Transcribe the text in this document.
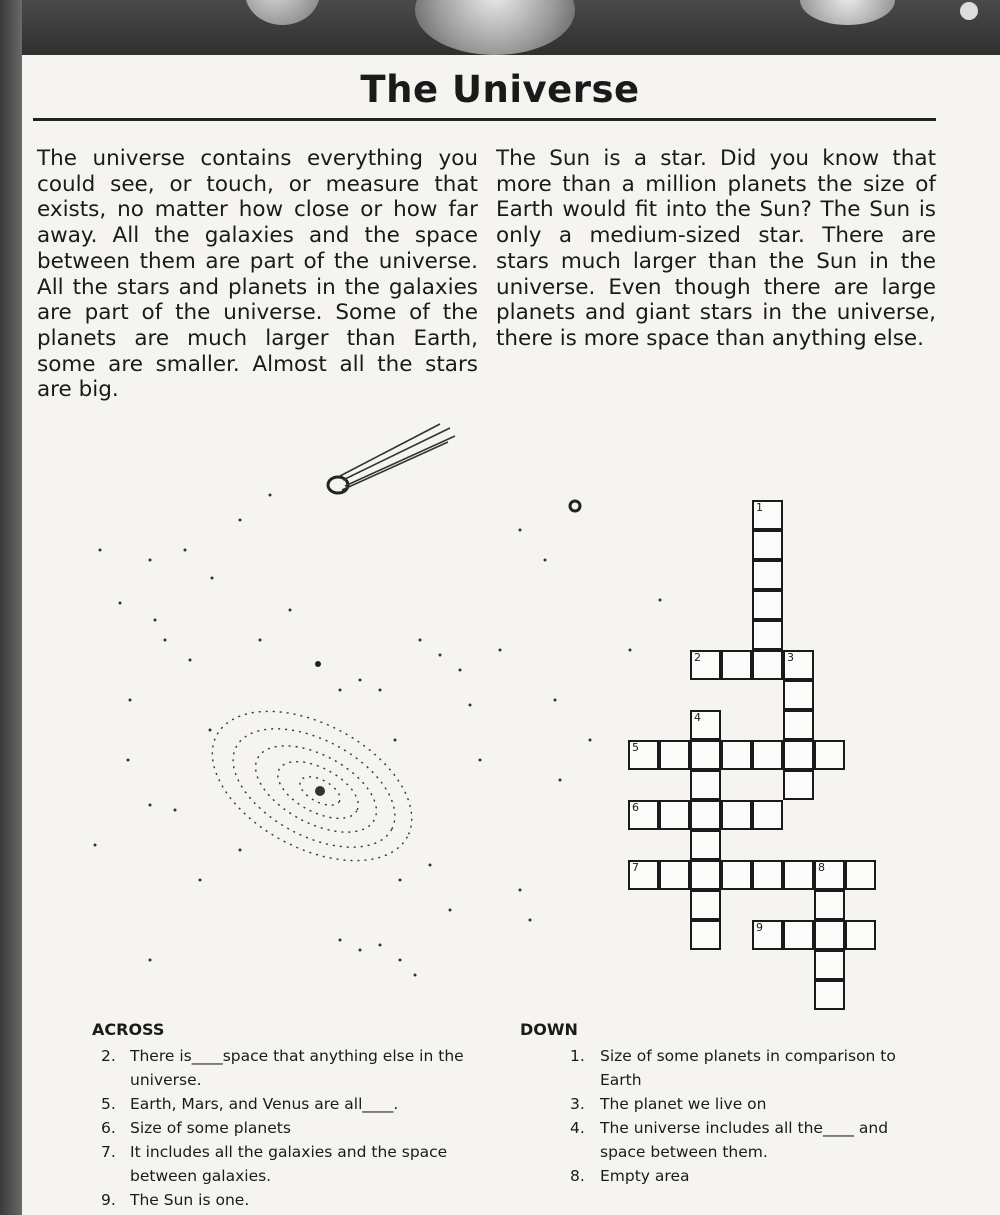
The Universe
The universe contains everything you could see, or touch, or measure that exists, no matter how close or how far away. All the galaxies and the space between them are part of the universe. All the stars and planets in the galaxies are part of the universe. Some of the planets are much larger than Earth, some are smaller. Almost all the stars are big.
The Sun is a star. Did you know that more than a million planets the size of Earth would fit into the Sun? The Sun is only a medium-sized star. There are stars much larger than the Sun in the universe. Even though there are large planets and giant stars in the universe, there is more space than anything else.
1
2	3
4
5
6
7	8
9
ACROSS
2. There is____space that anything else in the universe.
5. Earth, Mars, and Venus are all____.
6. Size of some planets
7. It includes all the galaxies and the space between galaxies.
9. The Sun is one.
DOWN
1. Size of some planets in comparison to Earth
3. The planet we live on
4. The universe includes all the____ and space between them.
8. Empty area
